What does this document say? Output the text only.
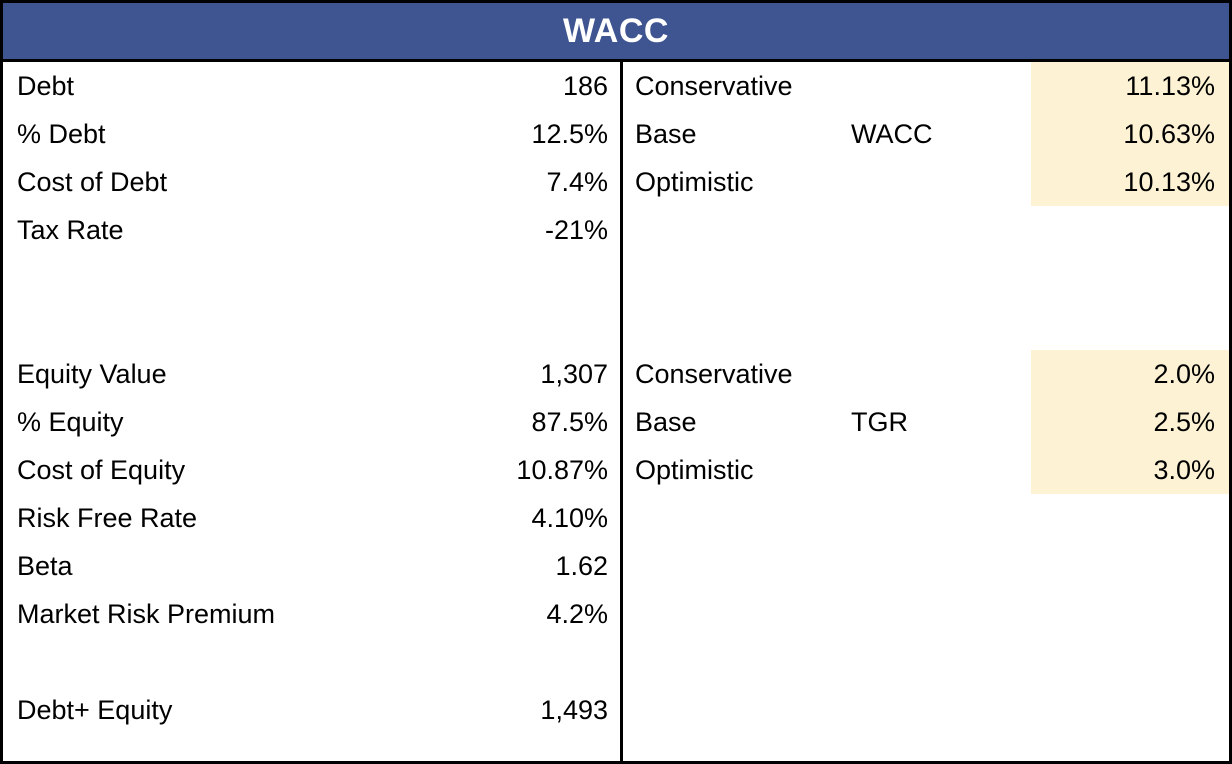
WACC
Debt	186
% Debt	12.5%
Cost of Debt	7.4%
Tax Rate	-21%
Equity Value	1,307
% Equity	87.5%
Cost of Equity	10.87%
Risk Free Rate	4.10%
Beta	1.62
Market Risk Premium	4.2%
Debt+ Equity	1,493
Conservative	11.13%
Base	WACC	10.63%
Optimistic	10.13%
Conservative	2.0%
Base	TGR	2.5%
Optimistic	3.0%
